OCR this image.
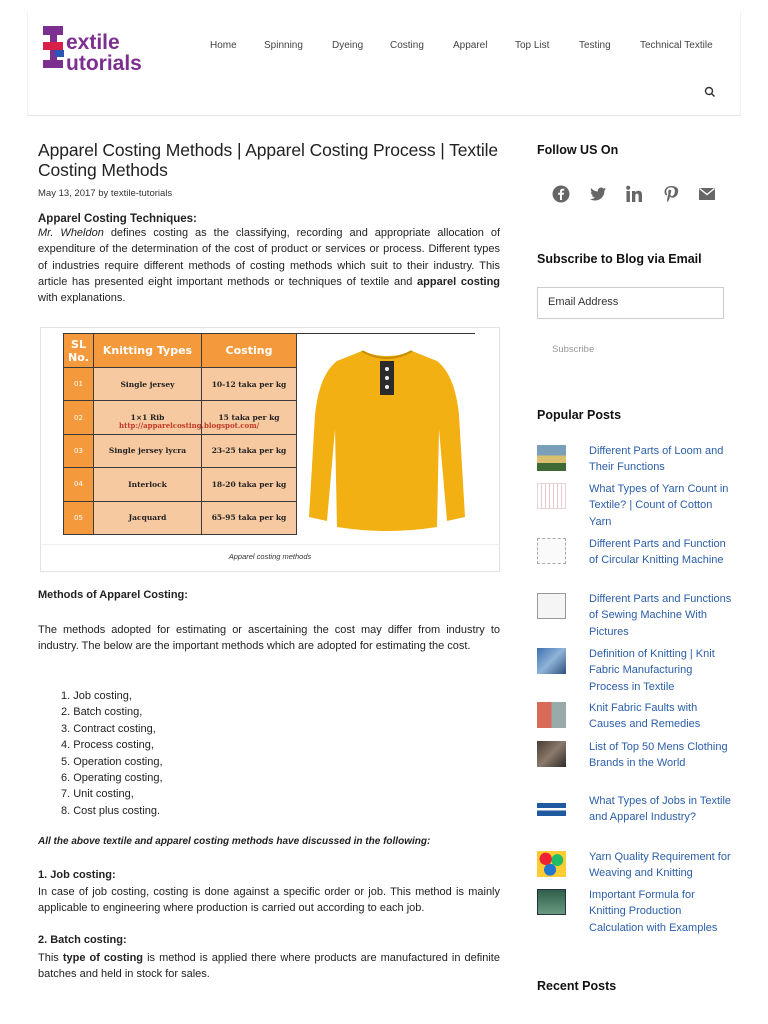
extile
utorials
Home	Spinning	Dyeing	Costing	Apparel	Top List	Testing	Technical Textile
Apparel Costing Methods | Apparel Costing Process | Textile Costing Methods
May 13, 2017 by textile-tutorials
Apparel Costing Techniques:

Mr. Wheldon defines costing as the classifying, recording and appropriate allocation of expenditure of the determination of the cost of product or services or process. Different types of industries require different methods of costing methods which suit to their industry. This article has presented eight important methods or techniques of textile and apparel costing with explanations.

SL No.	Knitting Types	Costing
01	Single jersey	10-12 taka per kg
02	1×1 Rib	15 taka per kg
03	Single jersey lycra	23-25 taka per kg
04	Interlock	18-20 taka per kg
05	Jacquard	65-95 taka per kg
http://apparelcosting.blogspot.com/
Apparel costing methods
Methods of Apparel Costing:

The methods adopted for estimating or ascertaining the cost may differ from industry to industry. The below are the important methods which are adopted for estimating the cost.

1. Job costing,
2. Batch costing,
3. Contract costing,
4. Process costing,
5. Operation costing,
6. Operating costing,
7. Unit costing,
8. Cost plus costing.
All the above textile and apparel costing methods have discussed in the following:
1. Job costing:

In case of job costing, costing is done against a specific order or job. This method is mainly applicable to engineering where production is carried out according to each job.

2. Batch costing:

This type of costing is method is applied there where products are manufactured in definite batches and held in stock for sales.

Follow US On
Subscribe to Blog via Email
Email Address
Subscribe
Popular Posts
Different Parts of Loom and Their Functions
What Types of Yarn Count in Textile? | Count of Cotton Yarn
Different Parts and Function of Circular Knitting Machine
Different Parts and Functions of Sewing Machine With Pictures
Definition of Knitting | Knit Fabric Manufacturing Process in Textile
Knit Fabric Faults with Causes and Remedies
List of Top 50 Mens Clothing Brands in the World
What Types of Jobs in Textile and Apparel Industry?
Yarn Quality Requirement for Weaving and Knitting
Important Formula for Knitting Production Calculation with Examples
Recent Posts
